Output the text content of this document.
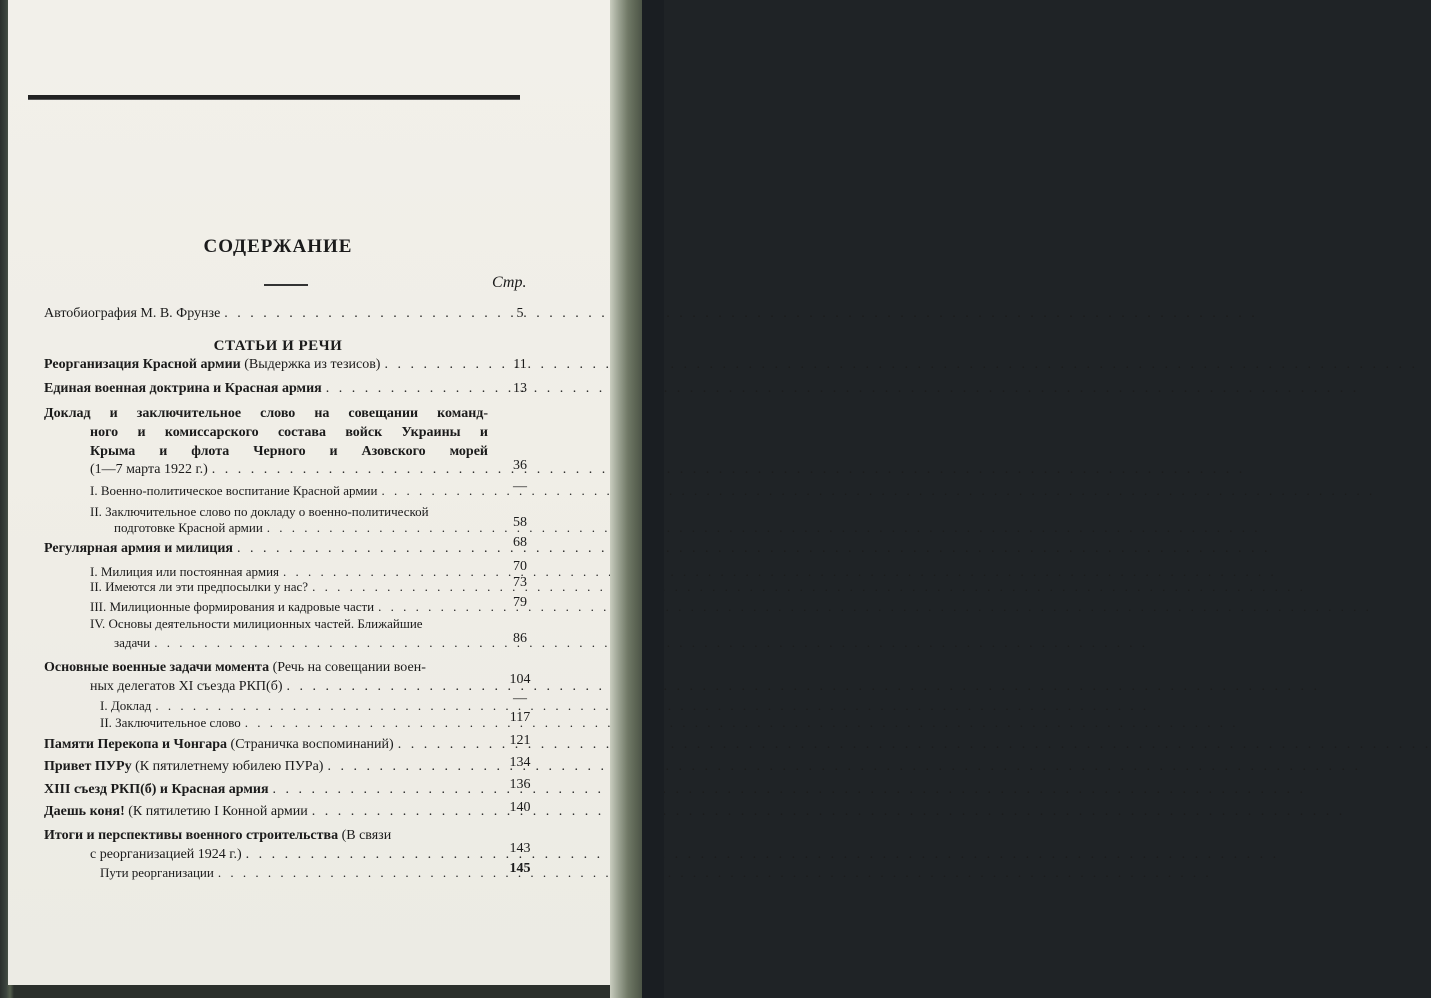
СОДЕРЖАНИЕ
Стр.
Автобиография М. В. Фрунзе . . .	5
СТАТЬИ И РЕЧИ
Реорганизация Красной армии (Выдержка из тезисов) . . .	11
Единая военная доктрина и Красная армия . . .	13
Доклад и заключительное слово на совещании команд-
ного и комиссарского состава войск Украины и
Крыма и флота Черного и Азовского морей
(1—7 марта 1922 г.) . . .	36
I. Военно-политическое воспитание Красной армии . . .	—
II. Заключительное слово по докладу о военно-политической
подготовке Красной армии . . .	58
Регулярная армия и милиция . . .	68
I. Милиция или постоянная армия . . .	70
II. Имеются ли эти предпосылки у нас? . . .	73
III. Милиционные формирования и кадровые части . . .	79
IV. Основы деятельности милиционных частей. Ближайшие
задачи . . .	86
Основные военные задачи момента (Речь на совещании воен-
ных делегатов XI съезда РКП(б) . . .	104
I. Доклад . . .	—
II. Заключительное слово . . .	117
Памяти Перекопа и Чонгара (Страничка воспоминаний) . . .	121
Привет ПУРу (К пятилетнему юбилею ПУРа) . . .	134
XIII съезд РКП(б) и Красная армия . . .	136
Даешь коня! (К пятилетию I Конной армии . . .	140
Итоги и перспективы военного строительства (В связи
с реорганизацией 1924 г.) . . .	143
Пути реорганизации . . .	145
